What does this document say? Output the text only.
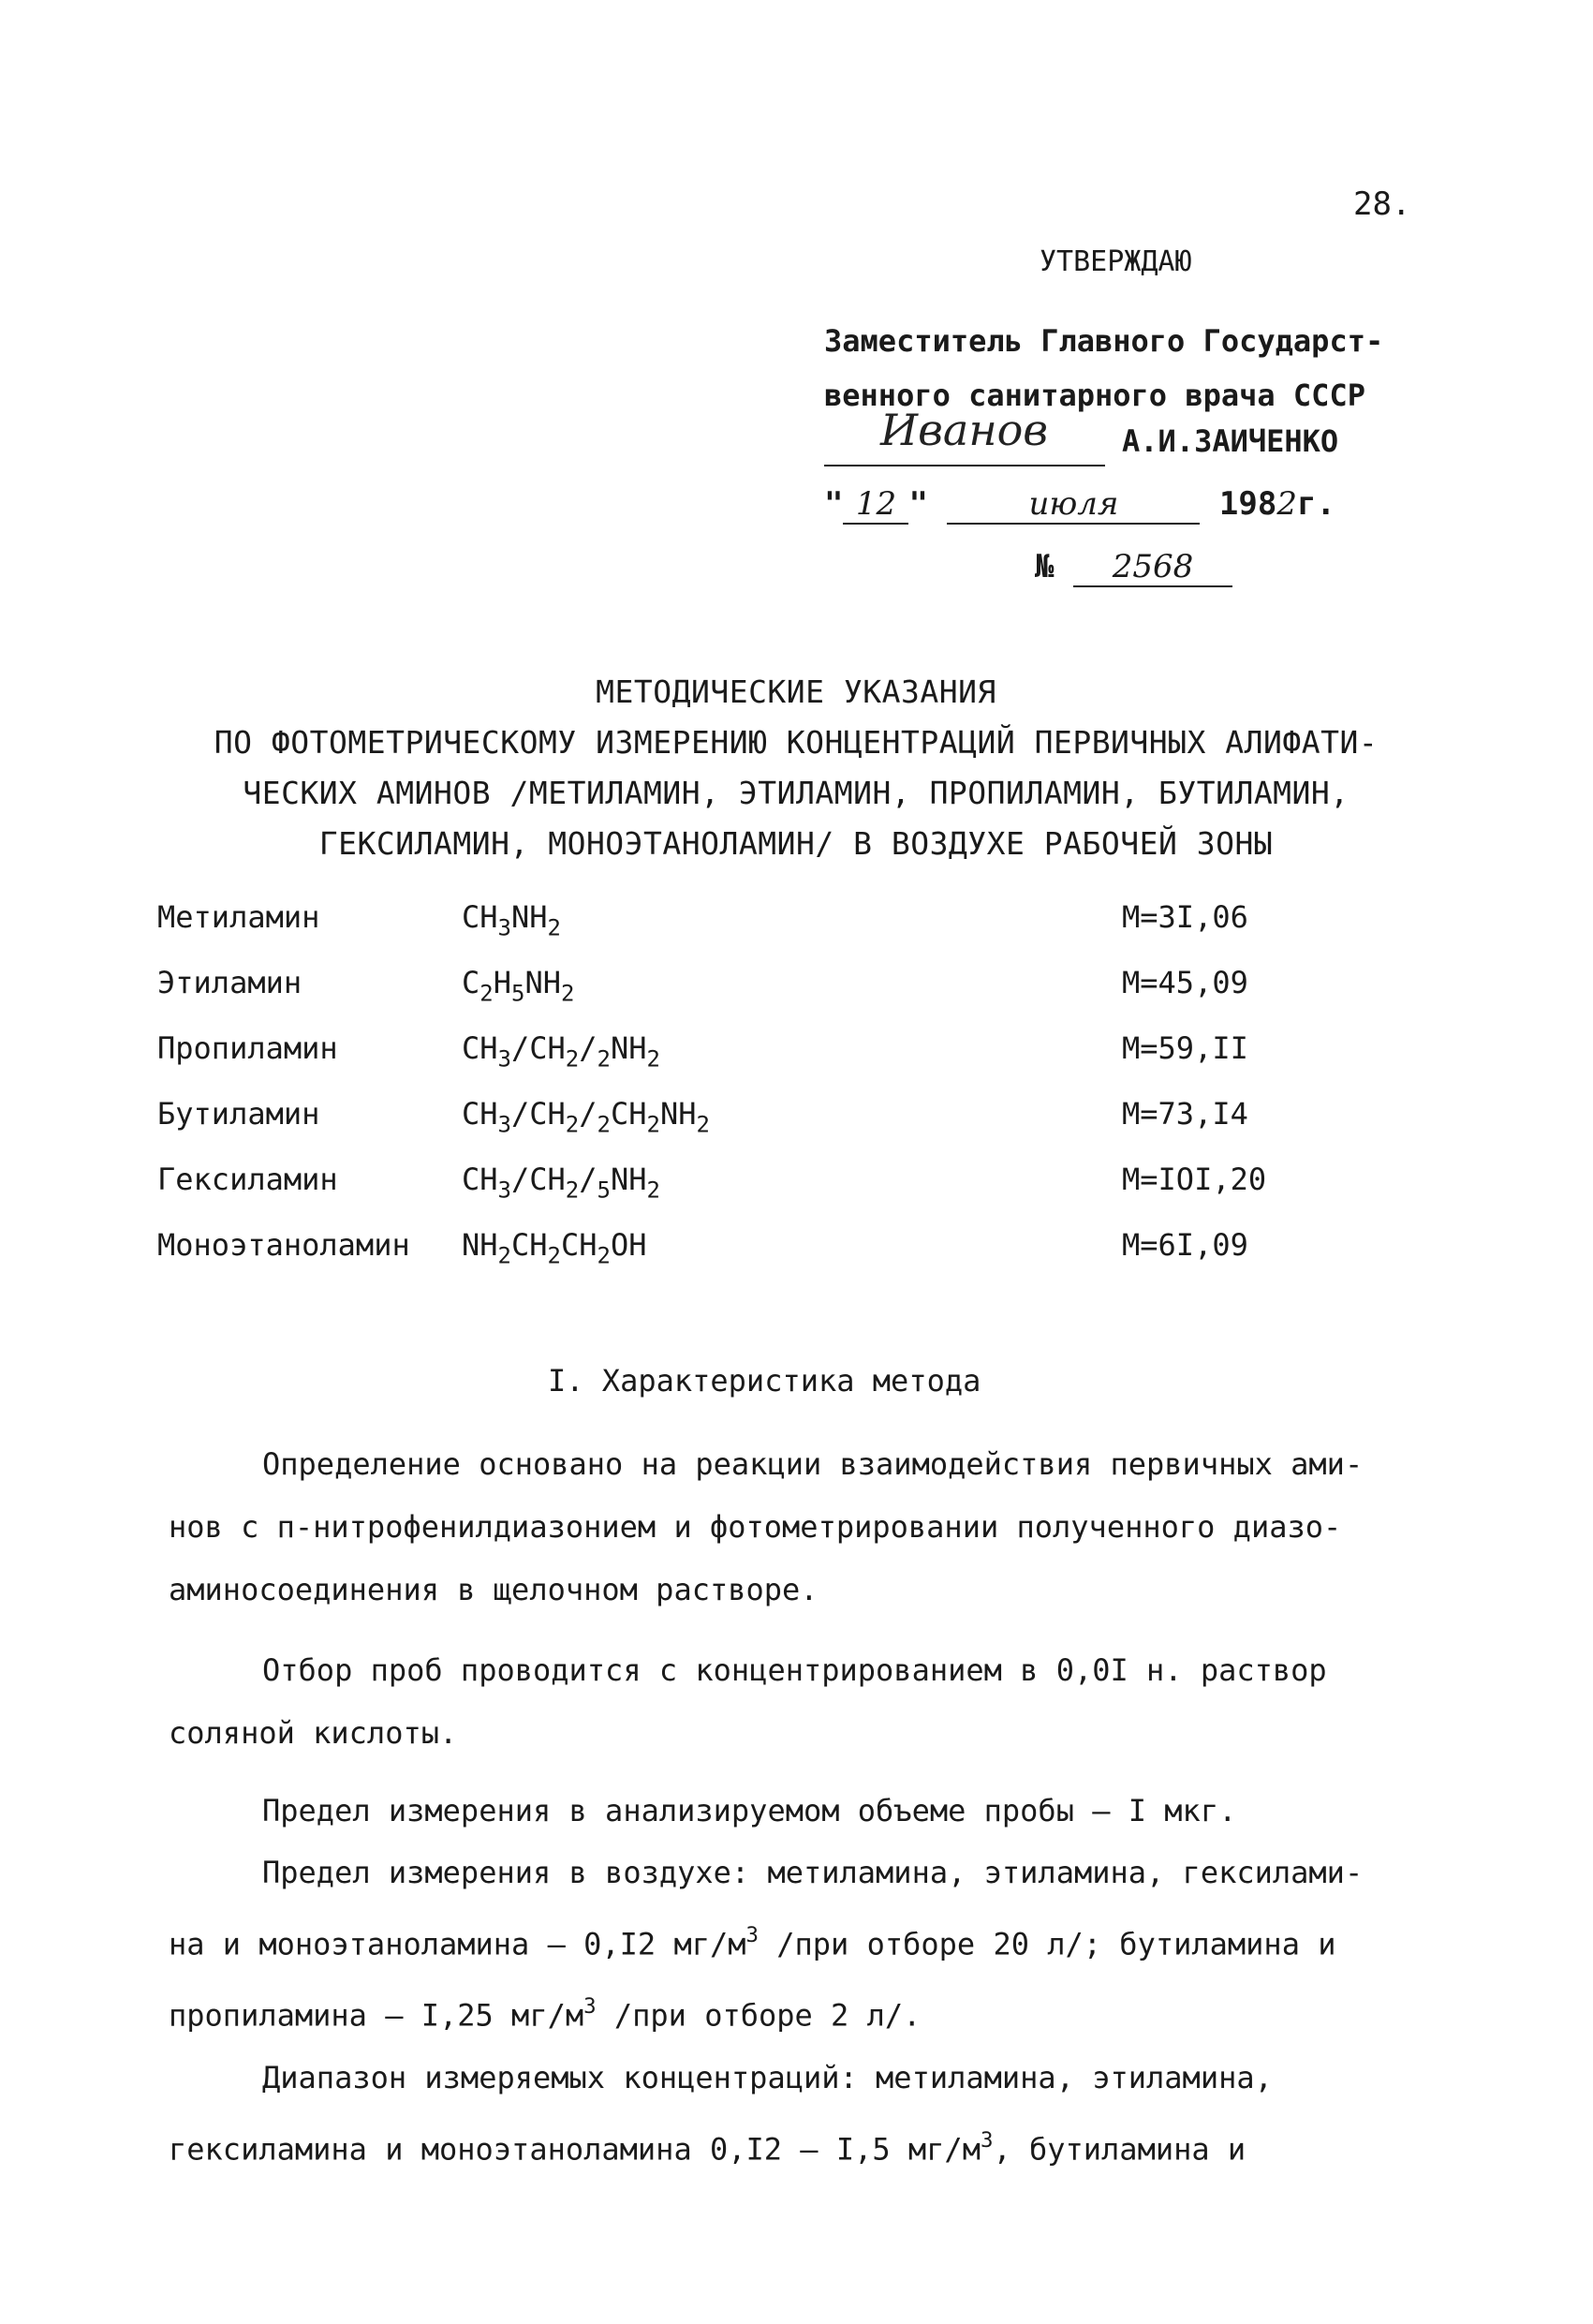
28.
УТВЕРЖДАЮ
Заместитель Главного Государст-
венного санитарного врача СССР
Иванов А.И.ЗАИЧЕНКО
" 12 "	июля	1982г.
№ 2568
МЕТОДИЧЕСКИЕ УКАЗАНИЯ
ПО ФОТОМЕТРИЧЕСКОМУ ИЗМЕРЕНИЮ КОНЦЕНТРАЦИЙ ПЕРВИЧНЫХ АЛИФАТИ-
ЧЕСКИХ АМИНОВ /МЕТИЛАМИН, ЭТИЛАМИН, ПРОПИЛАМИН, БУТИЛАМИН,
ГЕКСИЛАМИН, МОНОЭТАНОЛАМИН/ В ВОЗДУХЕ РАБОЧЕЙ ЗОНЫ
Метиламин	$CH_3NH_2$	М=3I,06
Этиламин	$C_2H_5NH_2$	М=45,09
Пропиламин	$CH_3/CH_2/_2NH_2$	М=59,II
Бутиламин	$CH_3/CH_2/_2CH_2NH_2$	М=73,I4
Гексиламин	$CH_3/CH_2/_5NH_2$	М=IOI,20
Моноэтаноламин $NH_2CH_2CH_2OH$	М=6I,09
I. Характеристика метода
Определение основано на реакции взаимодействия первичных ами-
нов с п-нитрофенилдиазонием и фотометрировании полученного диазо-
аминосоединения в щелочном растворе.
Отбор проб проводится с концентрированием в 0,0I н. раствор
соляной кислоты.
Предел измерения в анализируемом объеме пробы – I мкг.
Предел измерения в воздухе: метиламина, этиламина, гексилами-
на и моноэтаноламина – 0,I2 $мг/м^3$ /при отборе 20 л/; бутиламина и
пропиламина – I,25 $мг/м^3$ /при отборе 2 л/.
Диапазон измеряемых концентраций: метиламина, этиламина,
гексиламина и моноэтаноламина 0,I2 – I,5 $мг/м^3$, бутиламина и
